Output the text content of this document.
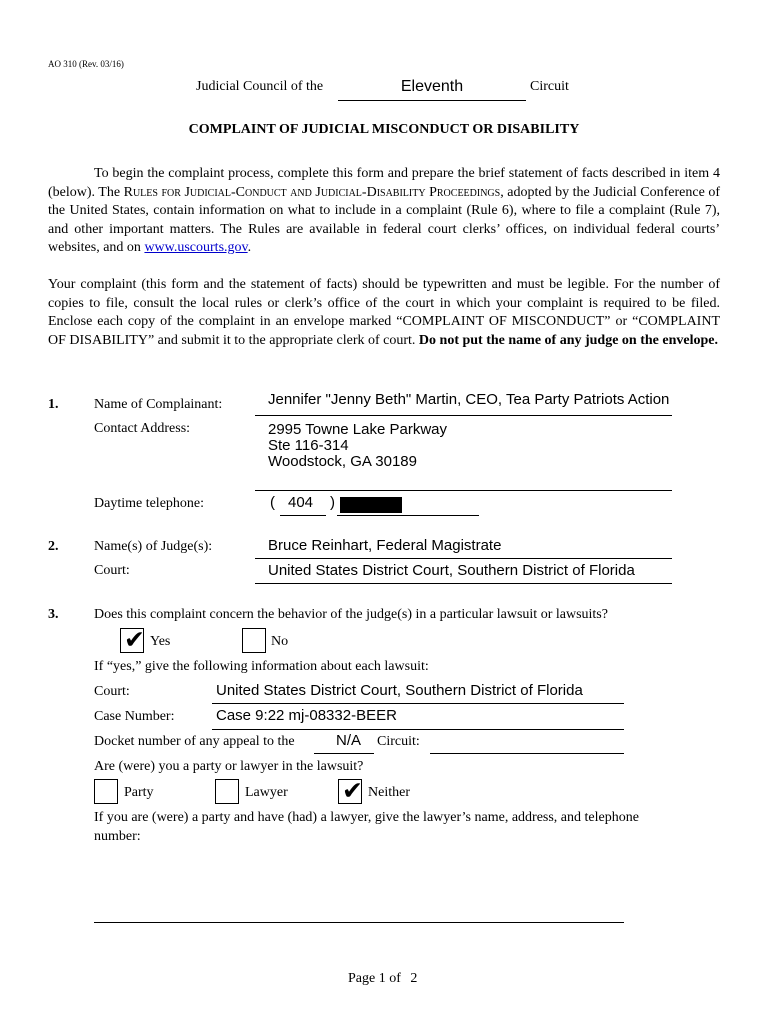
AO 310 (Rev. 03/16)
Judicial Council of the	Eleventh	Circuit
COMPLAINT OF JUDICIAL MISCONDUCT OR DISABILITY
To begin the complaint process, complete this form and prepare the brief statement of facts described in item 4 (below). The Rules for Judicial-Conduct and Judicial-Disability Proceedings, adopted by the Judicial Conference of the United States, contain information on what to include in a complaint (Rule 6), where to file a complaint (Rule 7), and other important matters. The Rules are available in federal court clerks’ offices, on individual federal courts’ websites, and on www.uscourts.gov.
Your complaint (this form and the statement of facts) should be typewritten and must be legible. For the number of copies to file, consult the local rules or clerk’s office of the court in which your complaint is required to be filed. Enclose each copy of the complaint in an envelope marked “COMPLAINT OF MISCONDUCT” or “COMPLAINT OF DISABILITY” and submit it to the appropriate clerk of court. Do not put the name of any judge on the envelope.
1.	Name of Complainant:	Jennifer "Jenny Beth" Martin, CEO, Tea Party Patriots Action
Contact Address:	2995 Towne Lake Parkway
Ste 116-314
Woodstock, GA 30189
Daytime telephone:	( 404 )
2.	Name(s) of Judge(s):	Bruce Reinhart, Federal Magistrate
Court:	United States District Court, Southern District of Florida
3.	Does this complaint concern the behavior of the judge(s) in a particular lawsuit or lawsuits?
✔ Yes	No
If “yes,” give the following information about each lawsuit:
Court:	United States District Court, Southern District of Florida
Case Number:	Case 9:22 mj-08332-BEER
Docket number of any appeal to the	N/A Circuit:
Are (were) you a party or lawyer in the lawsuit?
Party	Lawyer ✔ Neither
If you are (were) a party and have (had) a lawyer, give the lawyer’s name, address, and telephone
number:
Page 1 of 2
